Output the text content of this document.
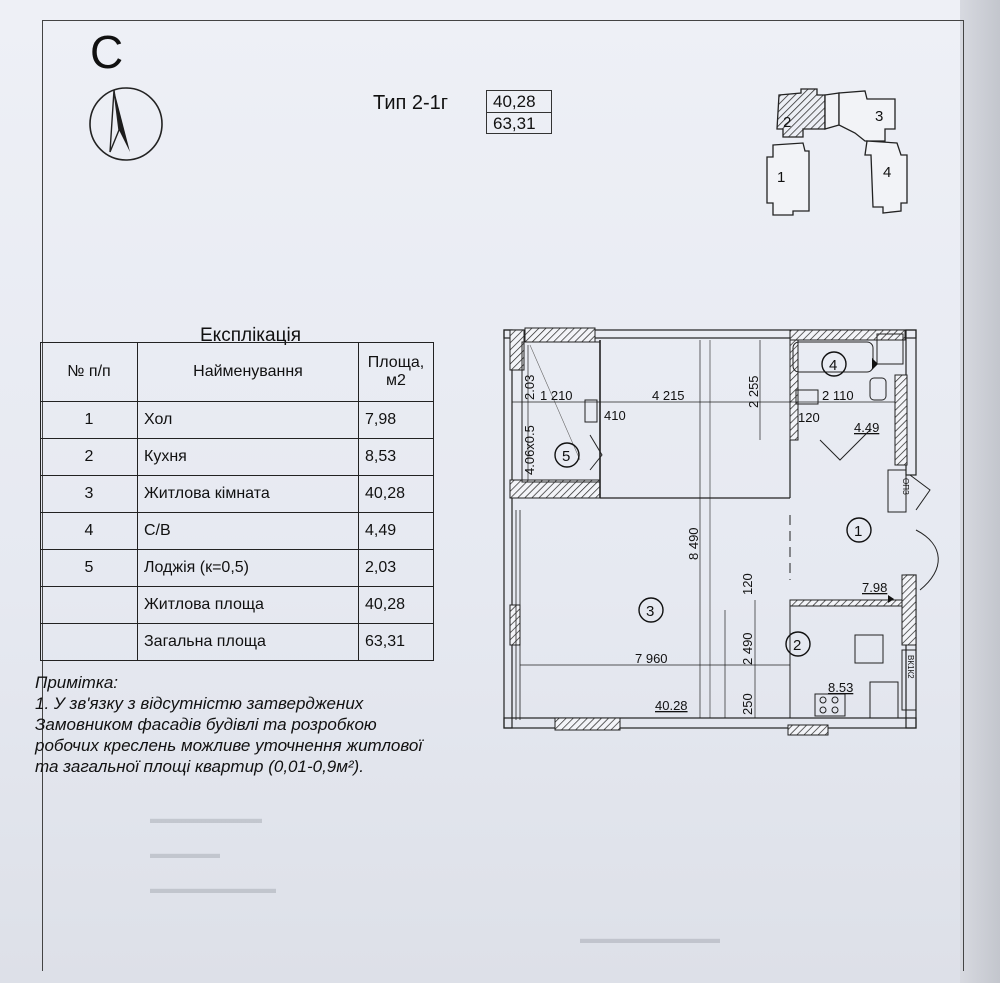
▬▬▬▬▬▬▬▬
▬▬▬▬▬
▬▬▬▬▬▬▬▬▬
▬▬▬▬▬▬▬▬▬▬
С
Тип 2-1г	40,28
63,31	2	3
1	4
Експлікація
№ п/п	Найменування	Площа, м2
1	Хол	7,98
2	Кухня	8,53
3	Житлова кімната	40,28
4	С/В	4,49
5	Лоджія (к=0,5)	2,03
	Житлова площа	40,28
	Загальна площа	63,31

Примітка:

1. У зв'язку з відсутністю затверджених Замовником фасадів будівлі та розробкою робочих креслень можливе уточнення житлової та загальної площі квартир (0,01-0,9м²).

ОПЗ
ВК1К2
2.03
4.06х0.5
1 210
410
4 215	2 255	2 110
120
8 490
120
2 490
7 960
250
4
5
1
3
2
4.49
7.98
8.53
40.28
